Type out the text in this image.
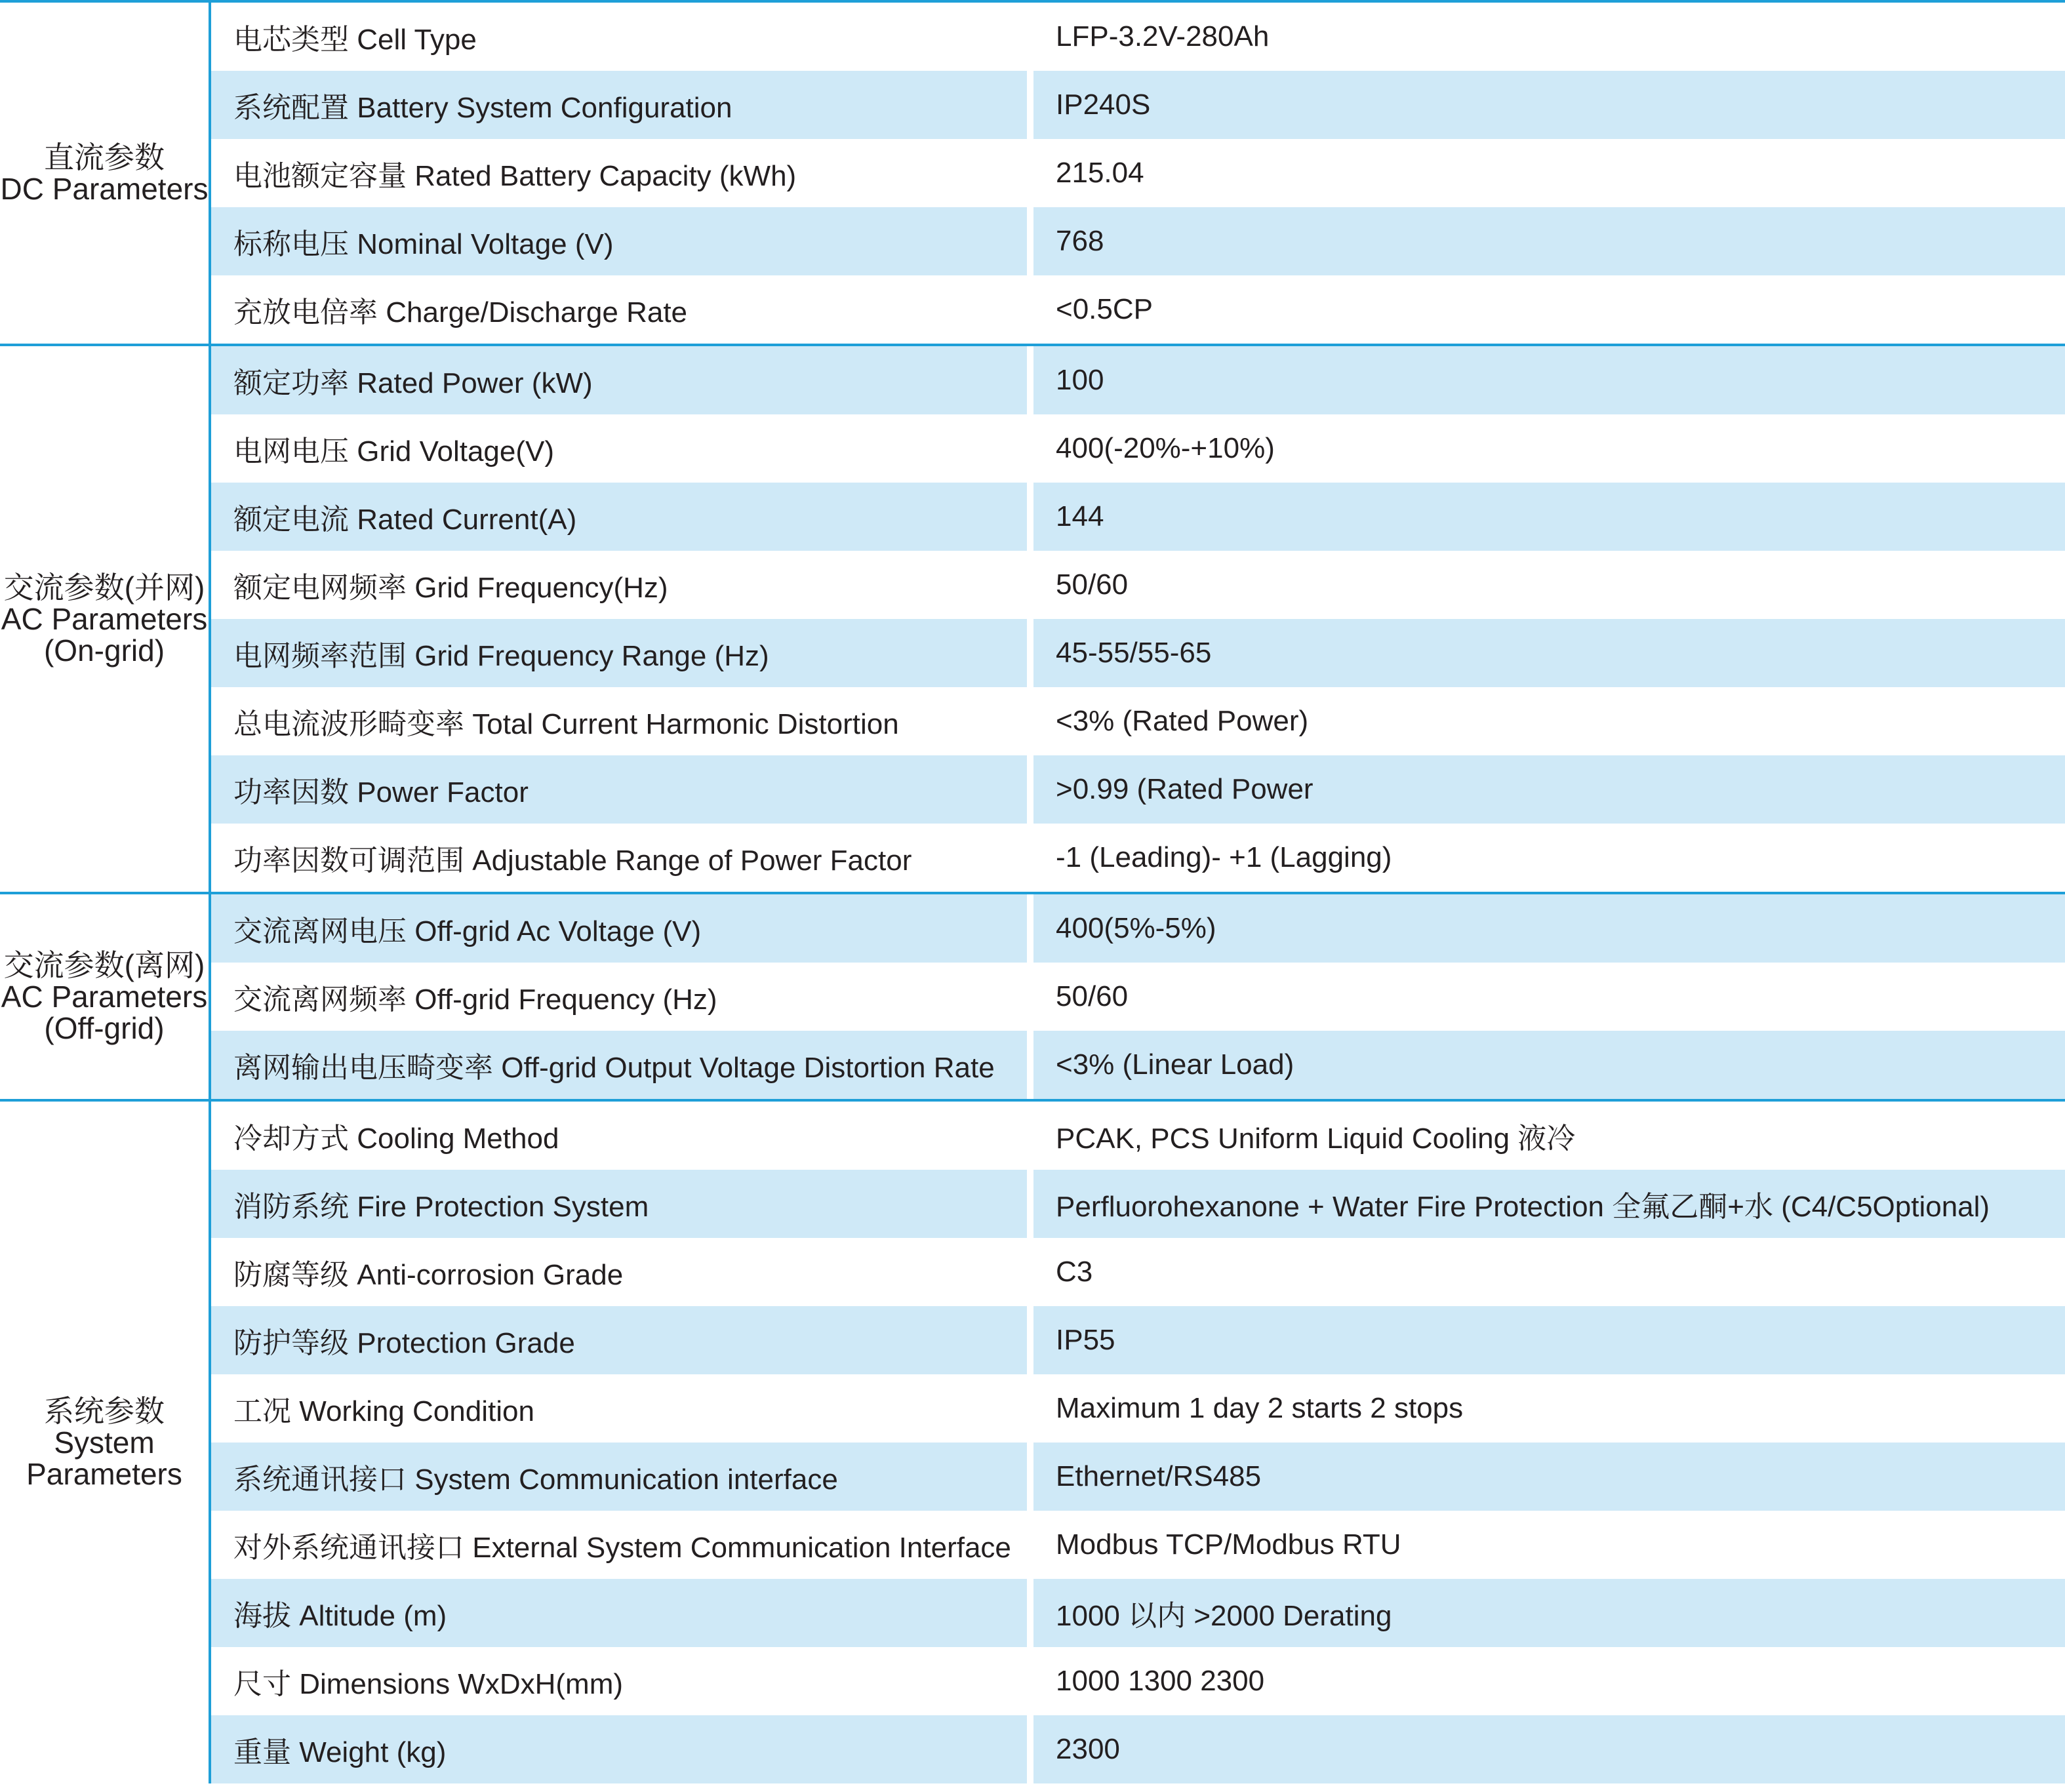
直流参数
DC Parameters
电芯类型 Cell Type	LFP-3.2V-280Ah
系统配置 Battery System Configuration	IP240S
电池额定容量 Rated Battery Capacity (kWh)	215.04
标称电压 Nominal Voltage (V)	768
充放电倍率 Charge/Discharge Rate	<0.5CP
交流参数(并网)
AC Parameters
(On-grid)
额定功率 Rated Power (kW)	100
电网电压 Grid Voltage(V)	400(-20%-+10%)
额定电流 Rated Current(A)	144
额定电网频率 Grid Frequency(Hz)	50/60
电网频率范围 Grid Frequency Range (Hz)	45-55/55-65
总电流波形畸变率 Total Current Harmonic Distortion	<3% (Rated Power)
功率因数 Power Factor	>0.99 (Rated Power
功率因数可调范围 Adjustable Range of Power Factor	-1 (Leading)- +1 (Lagging)
交流参数(离网)
AC Parameters
(Off-grid)
交流离网电压 Off-grid Ac Voltage (V)	400(5%-5%)
交流离网频率 Off-grid Frequency (Hz)	50/60
离网输出电压畸变率 Off-grid Output Voltage Distortion Rate	<3% (Linear Load)
系统参数
System
Parameters
冷却方式 Cooling Method	PCAK, PCS Uniform Liquid Cooling 液冷
消防系统 Fire Protection System	Perfluorohexanone + Water Fire Protection 全氟乙酮+水 (C4/C5Optional)
防腐等级 Anti-corrosion Grade	C3
防护等级 Protection Grade	IP55
工况 Working Condition	Maximum 1 day 2 starts 2 stops
系统通讯接口 System Communication interface	Ethernet/RS485
对外系统通讯接口 External System Communication Interface	Modbus TCP/Modbus RTU
海拔 Altitude (m)	1000 以内 >2000 Derating
尺寸 Dimensions WxDxH(mm)	1000 1300 2300
重量 Weight (kg)	2300
